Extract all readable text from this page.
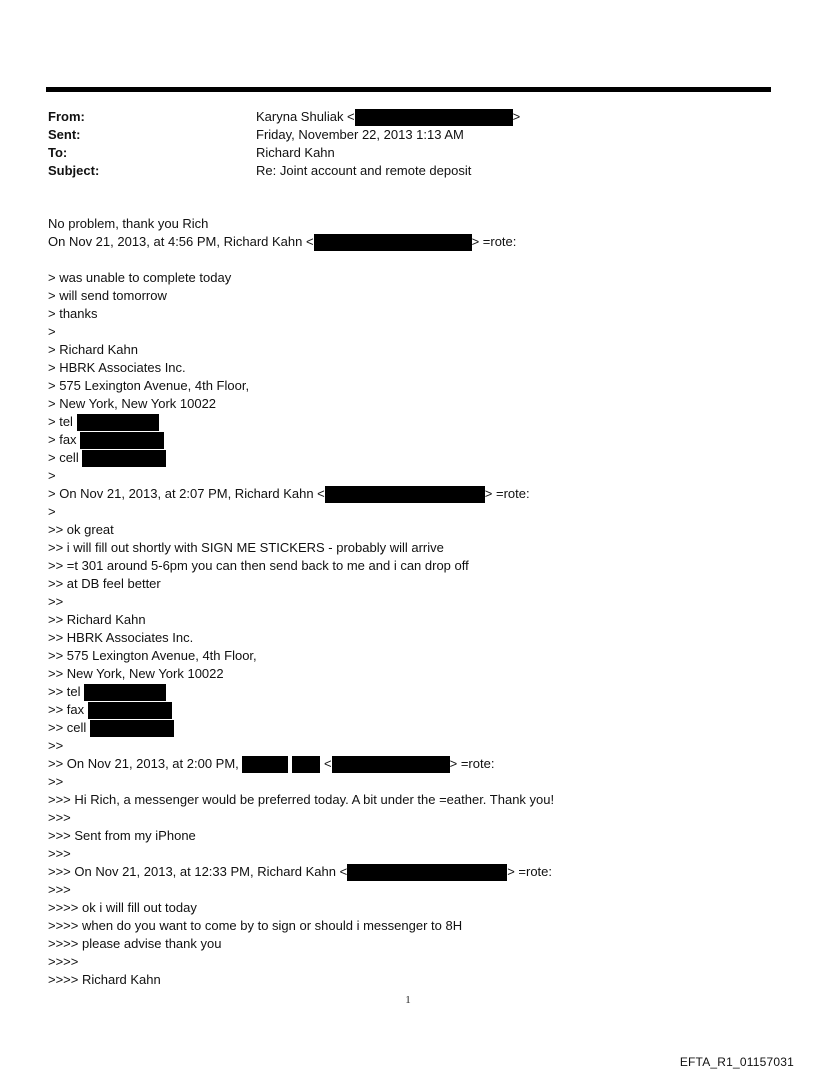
From:	Karyna Shuliak <	>
Sent:	Friday, November 22, 2013 1:13 AM
To:	Richard Kahn
Subject:	Re: Joint account and remote deposit
No problem, thank you Rich
On Nov 21, 2013, at 4:56 PM, Richard Kahn <	> =rote:
> was unable to complete today
> will send tomorrow
> thanks
>
> Richard Kahn
> HBRK Associates Inc.
> 575 Lexington Avenue, 4th Floor,
> New York, New York 10022
> tel
> fax
> cell
>
> On Nov 21, 2013, at 2:07 PM, Richard Kahn <	> =rote:
>
>> ok great
>> i will fill out shortly with SIGN ME STICKERS - probably will arrive
>> =t 301 around 5-6pm you can then send back to me and i can drop off
>> at DB feel better
>>
>> Richard Kahn
>> HBRK Associates Inc.
>> 575 Lexington Avenue, 4th Floor,
>> New York, New York 10022
>> tel
>> fax
>> cell
>>
>> On Nov 21, 2013, at 2:00 PM,	<	> =rote:
>>
>>> Hi Rich, a messenger would be preferred today. A bit under the =eather. Thank you!
>>>
>>> Sent from my iPhone
>>>
>>> On Nov 21, 2013, at 12:33 PM, Richard Kahn <	> =rote:
>>>
>>>> ok i will fill out today
>>>> when do you want to come by to sign or should i messenger to 8H
>>>> please advise thank you
>>>>
>>>> Richard Kahn
1
EFTA_R1_01157031
